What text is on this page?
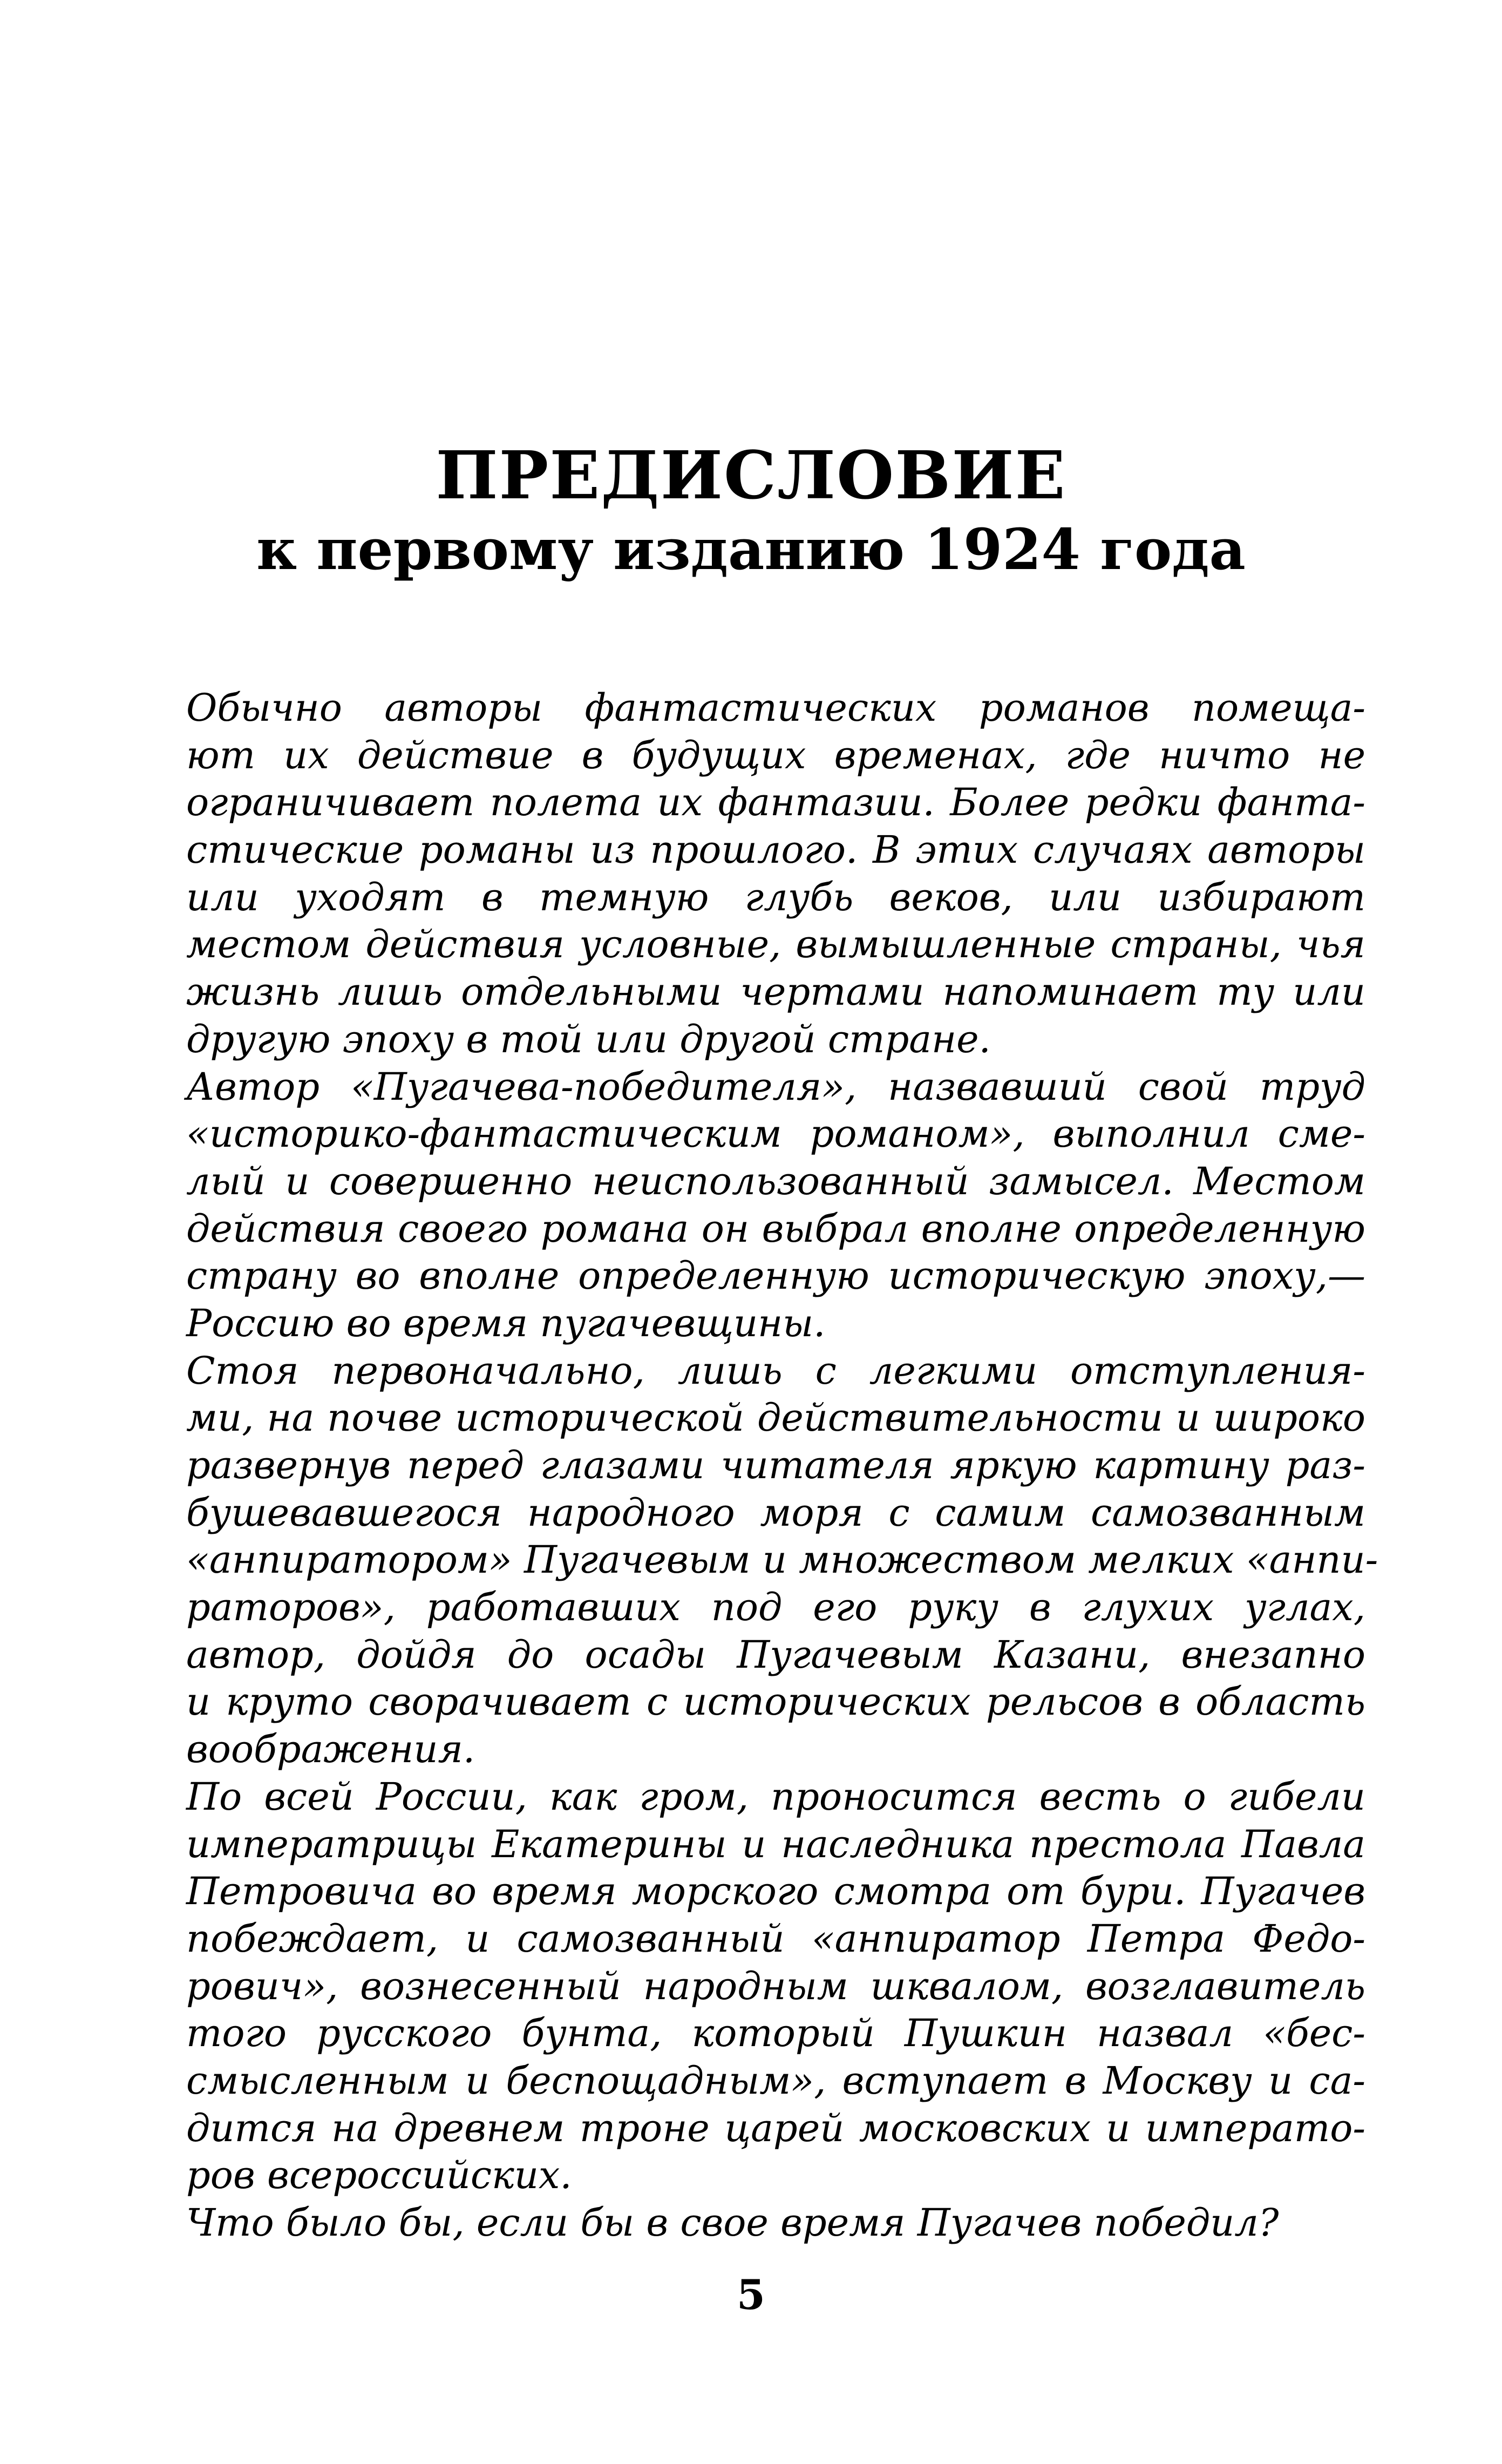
ПРЕДИСЛОВИЕ
к первому изданию 1924 года
Обычно авторы фантастических романов помеща-
ют их действие в будущих временах, где ничто не
ограничивает полета их фантазии. Более редки фанта-
стические романы из прошлого. В этих случаях авторы
или уходят в темную глубь веков, или избирают
местом действия условные, вымышленные страны, чья
жизнь лишь отдельными чертами напоминает ту или
другую эпоху в той или другой стране.
Автор «Пугачева-победителя», назвавший свой труд
«историко-фантастическим романом», выполнил сме-
лый и совершенно неиспользованный замысел. Местом
действия своего романа он выбрал вполне определенную
страну во вполне определенную историческую эпоху,—
Россию во время пугачевщины.
Стоя первоначально, лишь с легкими отступления-
ми, на почве исторической действительности и широко
развернув перед глазами читателя яркую картину раз-
бушевавшегося народного моря с самим самозванным
«анпиратором» Пугачевым и множеством мелких «анпи-
раторов», работавших под его руку в глухих углах,
автор, дойдя до осады Пугачевым Казани, внезапно
и круто сворачивает с исторических рельсов в область
воображения.
По всей России, как гром, проносится весть о гибели
императрицы Екатерины и наследника престола Павла
Петровича во время морского смотра от бури. Пугачев
побеждает, и самозванный «анпиратор Петра Федо-
рович», вознесенный народным шквалом, возглавитель
того русского бунта, который Пушкин назвал «бес-
смысленным и беспощадным», вступает в Москву и са-
дится на древнем троне царей московских и императо-
ров всероссийских.
Что было бы, если бы в свое время Пугачев победил?
5
